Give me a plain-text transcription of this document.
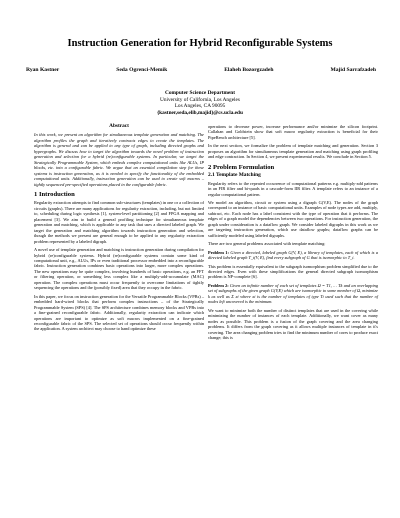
Instruction Generation for Hybrid Reconfigurable Systems
Ryan Kastner	Seda Ogrenci-Memik	Elaheh Bozorgzadeh	Majid Sarrafzadeh
Computer Science Department
University of California, Los Angeles
Los Angeles, CA 90095
{kastner,seda,elib,majid}@cs.ucla.edu
Abstract

In this work, we present an algorithm for simultaneous template generation and matching. The algorithm profiles the graph and iteratively contracts edges to create the templates. The algorithm is general and can be applied to any type of graph, including directed graphs and hypergraphs. We discuss how to target the algorithm towards the novel problem of instruction generation and selection for a hybrid (re)configurable systems. In particular, we target the Strategically Programmable System, which embeds complex computational units like ALUs, IP blocks, etc. into a configurable fabric. We argue that an essential compilation step for these systems is instruction generation, as it is needed to specify the functionality of the embedded computational units. Additionally, instruction generation can be used to create soft macros – tightly sequenced pre-specified operations placed in the configurable fabric.

1 Introduction

Regularity extraction attempts to find common sub-structures (templates) in one or a collection of circuits (graphs). There are many applications for regularity extraction, including, but not limited to, scheduling during logic synthesis [1], system-level partitioning [2] and FPGA mapping and placement [3]. We aim to build a general profiling technique for simultaneous template generation and matching, which is applicable to any task that uses a directed labeled graph. We target the generation and matching algorithm towards instruction generation and selection, though the methods we present are general enough to be applied to any regularity extraction problem represented by a labeled digraph.

A novel use of template generation and matching is instruction generation during compilation for hybrid (re)configurable systems. Hybrid (re)configurable systems contain some kind of computational unit, e.g., ALUs, IPs or even traditional processor embedded into a reconfigurable fabric. Instruction generation combines basic operations into larger, more complex operations. The new operations may be quite complex, involving hundreds of basic operations, e.g. an FFT or filtering operation, or something less complex like a multiply-add-accumulate (MAC) operation. The complex operations must occur frequently to overcome limitations of tightly sequencing the operations and the (possibly fixed) area that they occupy in the fabric.

In this paper, we focus on instruction generation for the Versatile Programmable Blocks (VPBs) – embedded hard-wired blocks that perform complex instructions – of the Strategically Programmable System (SPS) [4]. The SPS architecture combines memory blocks and VPBs into a fine-grained reconfigurable fabric. Additionally, regularity extraction can indicate which operations are important to optimize as soft macros implemented on a fine-grained reconfigurable fabric of the SPS. The selected set of operations should occur frequently within the application. A system architect may choose to hand optimize these

operations to decrease power, increase performance and/or minimize the silicon footprint. Callahan and Goldstein show that soft macro regularity extraction is beneficial for their PipeRench architecture [5].

In the next section, we formalize the problem of template matching and generation. Section 3 proposes an algorithm for simultaneous template generation and matching using graph profiling and edge contraction. In Section 4, we present experimental results. We conclude in Section 5.

2 Problem Formulation
2.1 Template Matching

Regularity refers to the repeated occurrence of computational patterns e.g. multiply-add patterns in an FIR filter and bi-quads in a cascade-form IIR filter. A template refers to an instance of a regular computational pattern.

We model an algorithm, circuit or system using a digraph G(V,E). The nodes of the graph correspond to an instance of basic computational units. Examples of node types are add, multiply, subtract, etc. Each node has a label consistent with the type of operation that it performs. The edges of a graph model the dependencies between two operations. For instruction generation, the graph under consideration is a dataflow graph. We consider labeled digraphs in this work as we are targeting instruction generation, which use dataflow graphs; dataflow graphs can be sufficiently modeled using labeled digraphs.

There are two general problems associated with template matching:

Problem 1: Given a directed, labeled graph G(V, E), a library of templates, each of which is a directed labeled graph T_i(V, E), find every subgraph of G that is isomorphic to T_i.

This problem is essentially equivalent to the subgraph isomorphism problem simplified due to the directed edges. Even with these simplifications the general directed subgraph isomorphism problem is NP-complete [6].

Problem 2: Given an infinite number of each set of templates Ω = T1, … Tk and an overlapping set of subgraphs of the given graph G(V,E) which are isomorphic to some member of Ω, minimize k as well as Σ xi where xi is the number of templates of type Ti used such that the number of nodes left uncovered is the minimum.

We want to minimize both the number of distinct templates that are used in the covering while minimizing the number of instances of each template. Additionally, we want cover as many nodes as possible. This problem is a fusion of the graph covering and the area changing problems. It differs from the graph covering as it allows multiple instances of template in it's covering. The area changing problem tries to find the minimum number of cores to produce exact change; this is
